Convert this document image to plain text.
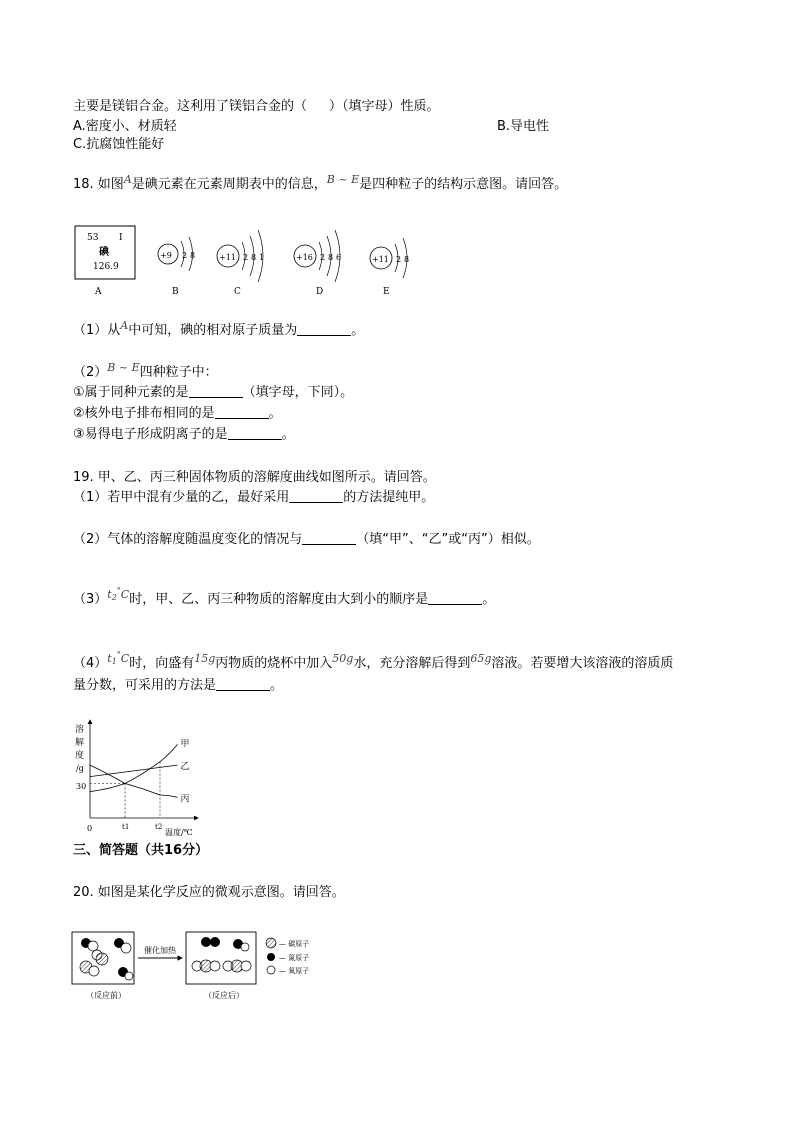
主要是镁铝合金。这利用了镁铝合金的（ ）（填字母）性质。
A.密度小、材质轻	B.导电性
C.抗腐蚀性能好
18. 如图$^A$是碘元素在元素周期表中的信息，$^{B \sim E}$是四种粒子的结构示意图。请回答。
53 I
碘
126.9
+9 2 8	+11 2 8 1	+16 2 8 6	+11 2 8
A	B	C	D	E
（1）从$^A$中可知，碘的相对原子质量为	。
$(2)^{B \sim E}$四种粒子中：
①属于同种元素的是	（填字母，下同）。
②核外电子排布相同的是	。
③易得电子形成阴离子的是	。
19. 甲、乙、丙三种固体物质的溶解度曲线如图所示。请回答。
（1）若甲中混有少量的乙，最好采用	的方法提纯甲。
（2）气体的溶解度随温度变化的情况与	（填“甲”、“乙”或“丙”）相似。
$(3)^{t_2^\circ C}$时，甲、乙、丙三种物质的溶解度由大到小的顺序是	。
$(4)^{t_1^\circ C}$时，向盛有$^{15g}$丙物质的烧杯中加入$^{50g}$水，充分溶解后得到$^{65g}$溶液。若要增大该溶液的溶质质
量分数，可采用的方法是	。
溶
解
度
/g
0	温度/℃
30
t1	t2
甲
乙
丙
三、简答题（共16分）
20. 如图是某化学反应的微观示意图。请回答。
催化加热
（反应前）	（反应后）
— 碳原子
— 氮原子
— 氧原子
